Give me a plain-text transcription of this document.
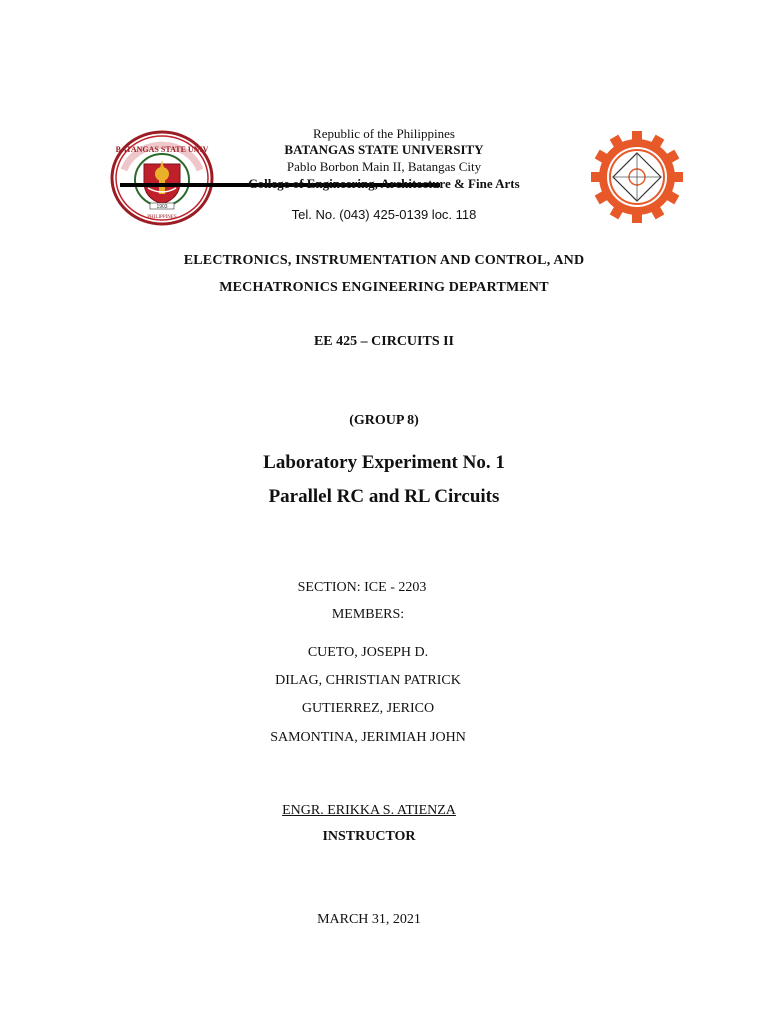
BATANGAS STATE UNIV
1903
PHILIPPINES
Republic of the Philippines
BATANGAS STATE UNIVERSITY
Pablo Borbon Main II, Batangas City
College of Engineering, Architecture & Fine Arts
Tel. No. (043) 425-0139 loc. 118
ELECTRONICS, INSTRUMENTATION AND CONTROL, AND
MECHATRONICS ENGINEERING DEPARTMENT
EE 425 – CIRCUITS II
(GROUP 8)
Laboratory Experiment No. 1
Parallel RC and RL Circuits
SECTION: ICE - 2203
MEMBERS:
CUETO, JOSEPH D.
DILAG, CHRISTIAN PATRICK
GUTIERREZ, JERICO
SAMONTINA, JERIMIAH JOHN
ENGR. ERIKKA S. ATIENZA
INSTRUCTOR
MARCH 31, 2021
